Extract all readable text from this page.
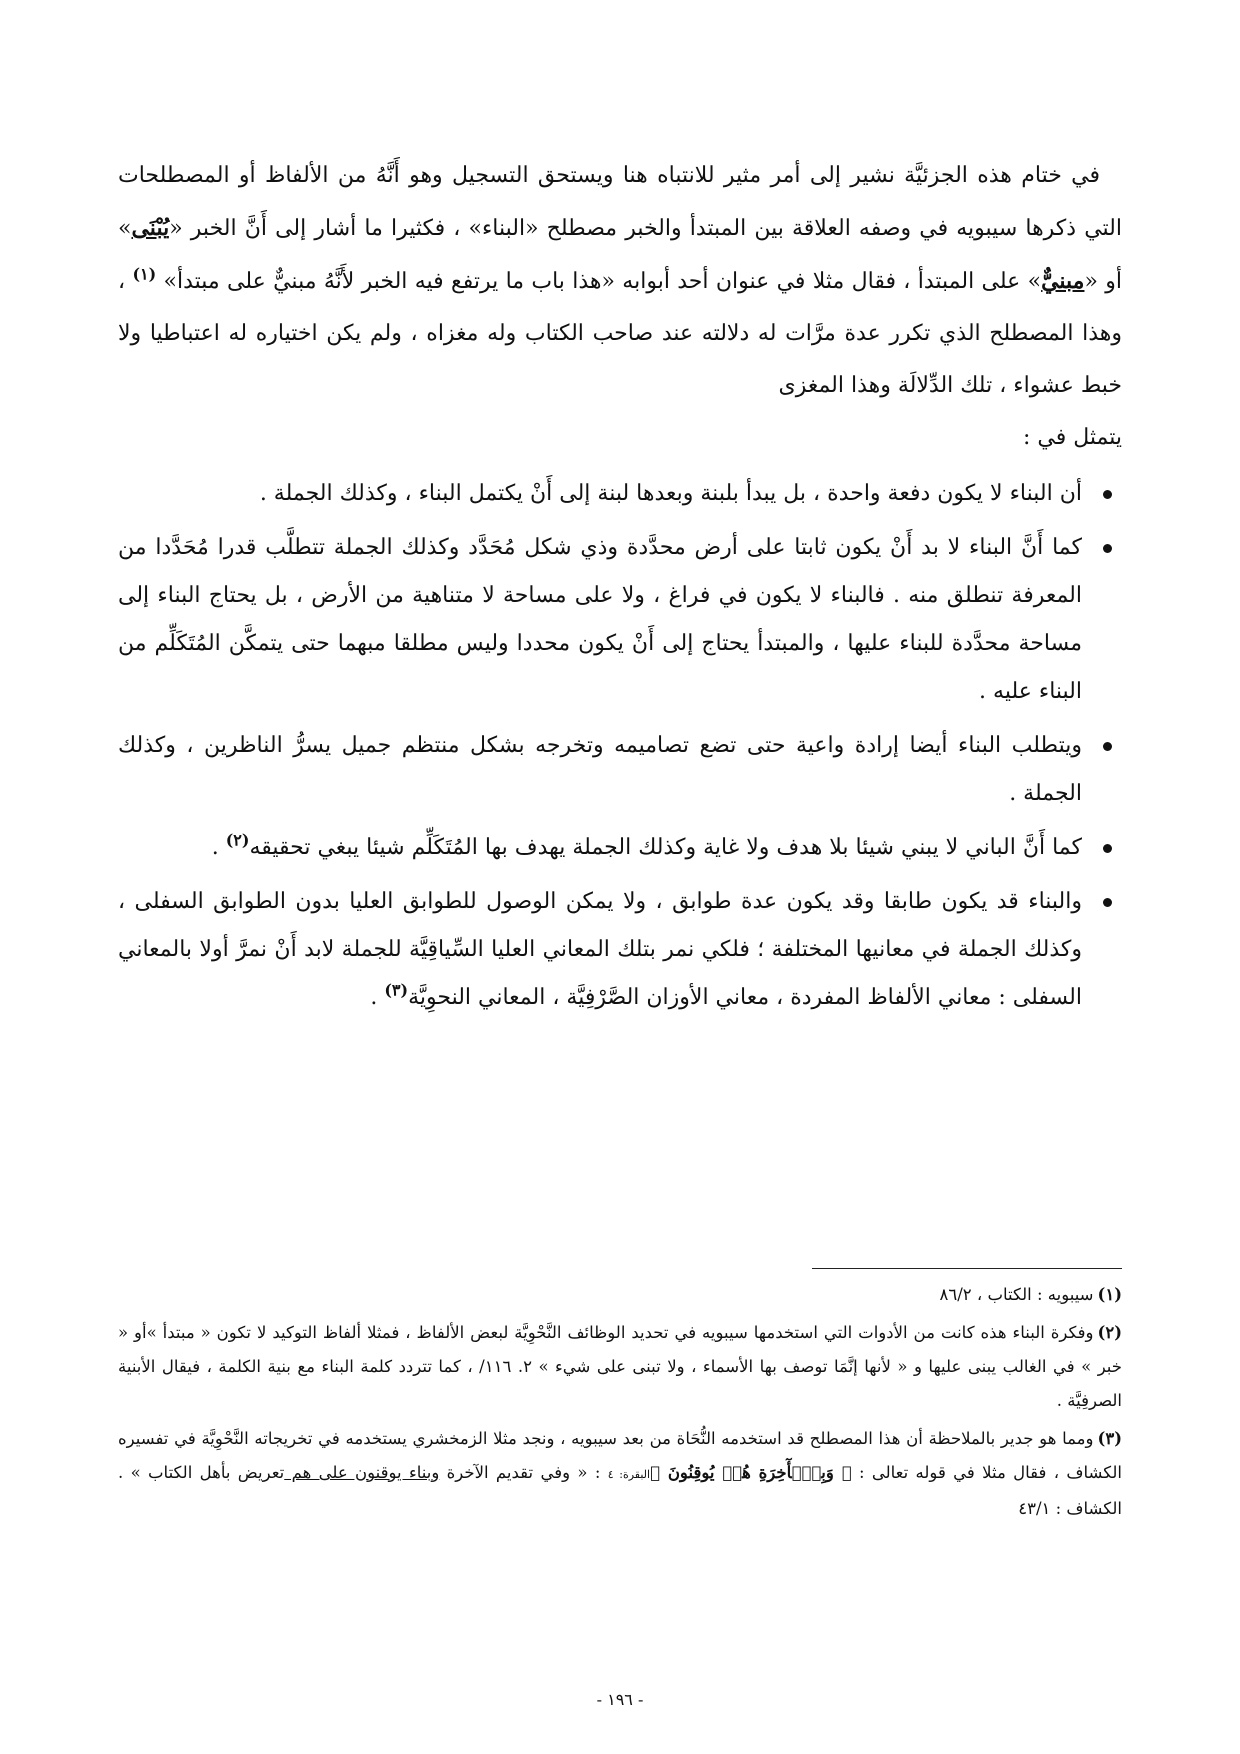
في ختام هذه الجزئيَّة نشير إلى أمر مثير للانتباه هنا ويستحق التسجيل وهو أَنَّهُ من الألفاظ أو المصطلحات التي ذكرها سيبويه في وصفه العلاقة بين المبتدأ والخبر مصطلح «البناء» ، فكثيرا ما أشار إلى أَنَّ الخبر «يُبْنَى» أو «مبنيٌّ» على المبتدأ ، فقال مثلا في عنوان أحد أبوابه «هذا باب ما يرتفع فيه الخبر لأَنَّهُ مبنيٌّ على مبتدأ» $^{(١)}$ ، وهذا المصطلح الذي تكرر عدة مرَّات له دلالته عند صاحب الكتاب وله مغزاه ، ولم يكن اختياره له اعتباطيا ولا خبط عشواء ، تلك الدِّلالَة وهذا المغزى

يتمثل في :

أن البناء لا يكون دفعة واحدة ، بل يبدأ بلبنة وبعدها لبنة إلى أَنْ يكتمل البناء ، وكذلك الجملة .
كما أَنَّ البناء لا بد أَنْ يكون ثابتا على أرض محدَّدة وذي شكل مُحَدَّد وكذلك الجملة تتطلَّب قدرا مُحَدَّدا من المعرفة تنطلق منه . فالبناء لا يكون في فراغ ، ولا على مساحة لا متناهية من الأرض ، بل يحتاج البناء إلى مساحة محدَّدة للبناء عليها ، والمبتدأ يحتاج إلى أَنْ يكون محددا وليس مطلقا مبهما حتى يتمكَّن المُتَكَلِّم من البناء عليه .
ويتطلب البناء أيضا إرادة واعية حتى تضع تصاميمه وتخرجه بشكل منتظم جميل يسرُّ الناظرين ، وكذلك الجملة .
كما أَنَّ الباني لا يبني شيئا بلا هدف ولا غاية وكذلك الجملة يهدف بها المُتَكَلِّم شيئا يبغي تحقيقه$^{(٢)}$ .
والبناء قد يكون طابقا وقد يكون عدة طوابق ، ولا يمكن الوصول للطوابق العليا بدون الطوابق السفلى ، وكذلك الجملة في معانيها المختلفة ؛ فلكي نمر بتلك المعاني العليا السِّياقِيَّة للجملة لابد أَنْ نمرَّ أولا بالمعاني السفلى : معاني الألفاظ المفردة ، معاني الأوزان الصَّرْفِيَّة ، المعاني النحوِيَّة$^{(٣)}$ .

(١)سيبويه : الكتاب ، ٨٦/٢

(٢)وفكرة البناء هذه كانت من الأدوات التي استخدمها سيبويه في تحديد الوظائف النَّحْوِيَّة لبعض الألفاظ ، فمثلا ألفاظ التوكيد لا تكون « مبتدأ »أو « خبر » في الغالب يبنى عليها و « لأنها إنَّمَا توصف بها الأسماء ، ولا تبنى على شيء » ٢. ١١٦/ ، كما تتردد كلمة البناء مع بنية الكلمة ، فيقال الأبنية الصرفِيَّة .

(٣)ومما هو جدير بالملاحظة أن هذا المصطلح قد استخدمه النُّحَاة من بعد سيبويه ، ونجد مثلا الزمخشري يستخدمه في تخريجاته النَّحْوِيَّة في تفسيره الكشاف ، فقال مثلا في قوله تعالى : ﴿ وَبِٱلۡأٓخِرَةِ هُمۡ يُوقِنُونَ ﴾البقرة: ٤ : « وفي تقديم الآخرة وبناء يوقنون على هم تعريض بأهل الكتاب » . الكشاف : ٤٣/١

- ١٩٦ -
